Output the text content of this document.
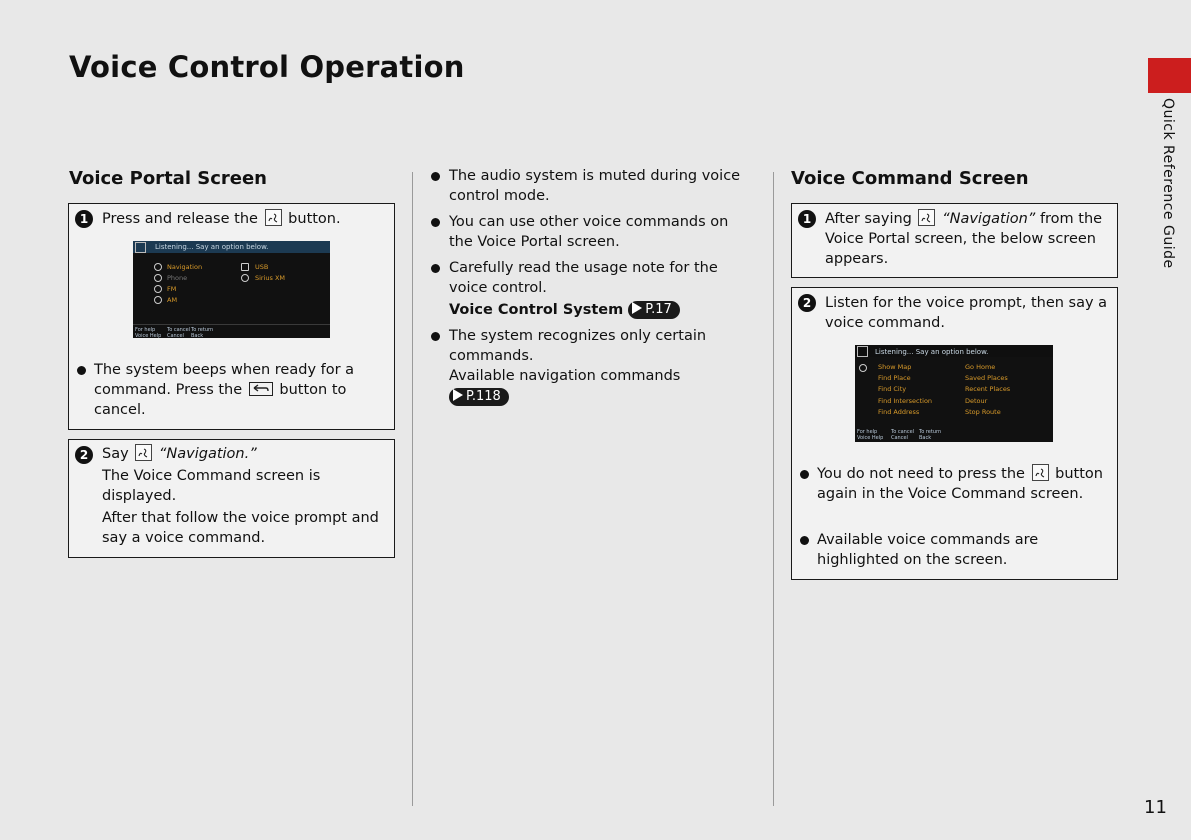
Voice Control Operation
Quick Reference Guide
11
Voice Portal Screen
1 Press and release the button.
Listening... Say an option below.
Navigation
Phone
FM
AM
USB
Sirius XM
For help
Voice Help
To cancel
Cancel
To return
Back
The system beeps when ready for a command. Press the	button to cancel.
2 Say “Navigation.”
The Voice Command screen is displayed.
After that follow the voice prompt and say a voice command.
The audio system is muted during voice control mode.
You can use other voice commands on the Voice Portal screen.
Carefully read the usage note for the voice control.
Voice Control System P.17
The system recognizes only certain commands.
Available navigation commands
P.118
Voice Command Screen
1 After saying “Navigation” from the Voice Portal screen, the below screen appears.
2 Listen for the voice prompt, then say a voice command.
Listening... Say an option below.
Show Map
Find Place
Find City
Find Intersection
Find Address
Go Home
Saved Places
Recent Places
Detour
Stop Route
For help
Voice Help
To cancel
Cancel
To return
Back
You do not need to press the button again in the Voice Command screen.
Available voice commands are highlighted on the screen.
